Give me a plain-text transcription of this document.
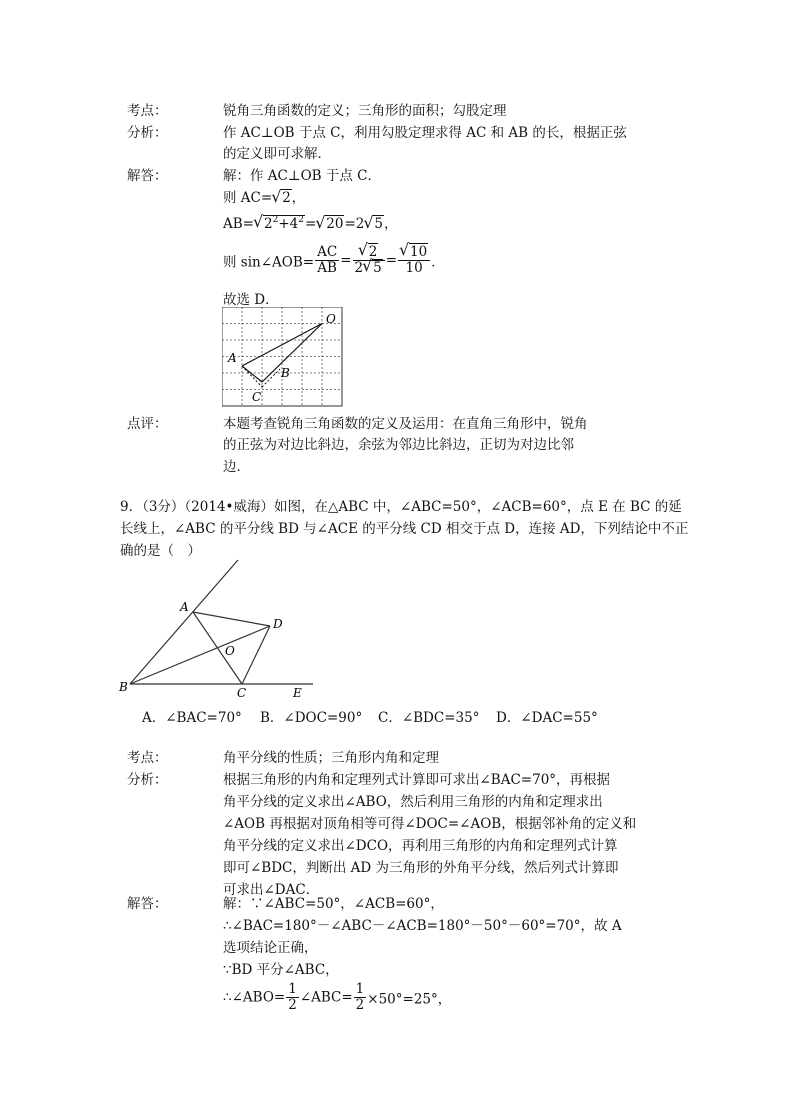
考点：	锐角三角函数的定义；三角形的面积；勾股定理
分析：	作 AC⊥OB 于点 C，利用勾股定理求得 AC 和 AB 的长，根据正弦
的定义即可求解．
解答：	解：作 AC⊥OB 于点 C．
则 AC=√ 2，
AB=√ $2^2+4^2=√$ 20=2√ 5，
则 sin∠AOB= $\frac{AC}{AB}$ =
√ $\frac{2}{2√ 5}$ =
√ $\frac{10}{10}$ ．
故选 D．
O
A
B
C
点评：	本题考查锐角三角函数的定义及运用：在直角三角形中，锐角
的正弦为对边比斜边，余弦为邻边比斜边，正切为对边比邻
边．
9．（3分）（2014•威海）如图，在△ABC 中，∠ABC=50°，∠ACB=60°，点 E 在 BC 的延
长线上，∠ABC 的平分线 BD 与∠ACE 的平分线 CD 相交于点 D，连接 AD，下列结论中不正
确的是（　）
A
B	C
D
E
O
A．∠BAC=70° B．∠DOC=90° C．∠BDC=35° D．∠DAC=55°
考点：	角平分线的性质；三角形内角和定理
分析：	根据三角形的内角和定理列式计算即可求出∠BAC=70°，再根据
角平分线的定义求出∠ABO，然后利用三角形的内角和定理求出
∠AOB 再根据对顶角相等可得∠DOC=∠AOB，根据邻补角的定义和
角平分线的定义求出∠DCO，再利用三角形的内角和定理列式计算
即可∠BDC，判断出 AD 为三角形的外角平分线，然后列式计算即
可求出∠DAC．
解答：	解：∵∠ABC=50°，∠ACB=60°，
∴∠BAC=180°－∠ABC－∠ACB=180°－50°－60°=70°，故 A
选项结论正确，
∵BD 平分∠ABC，
∴∠ABO= $\frac{1}{2}$ ∠ABC= $\frac{1}{2} \times 50^\circ=25^\circ$，
